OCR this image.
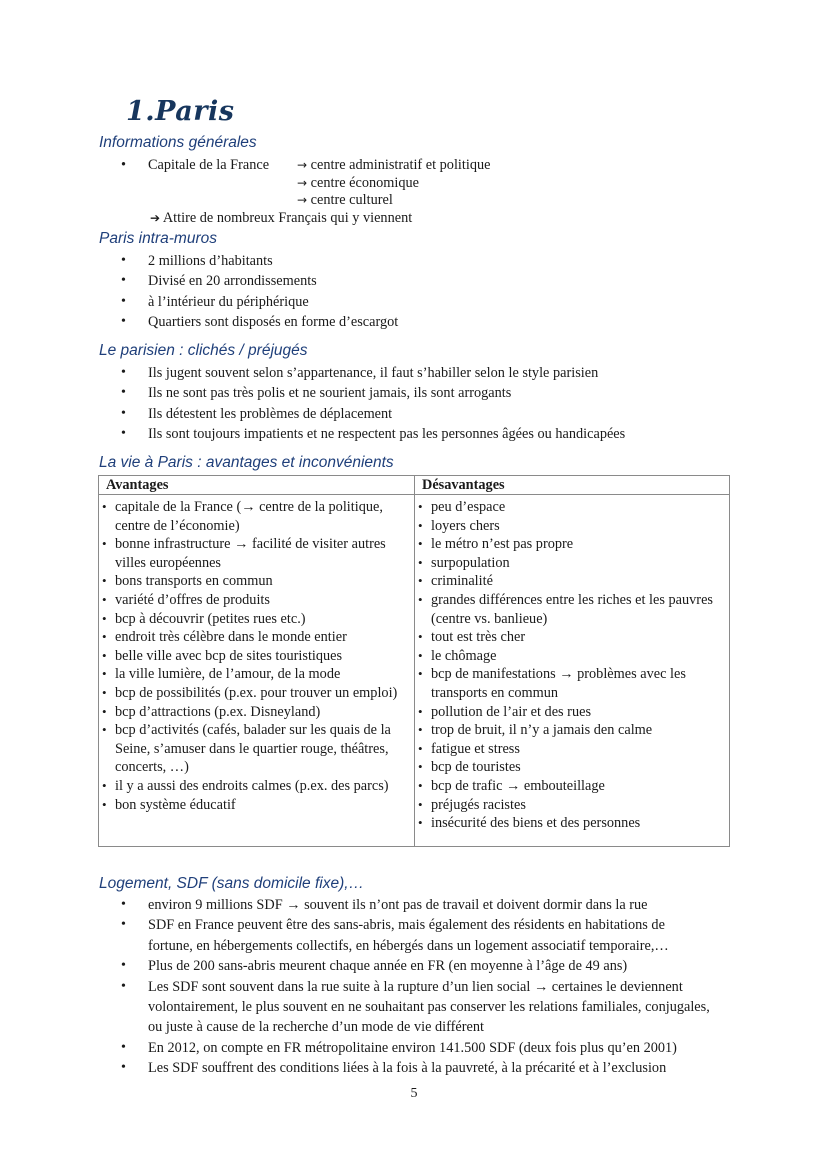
1.Paris
Informations générales
• Capitale de la France → centre administratif et politique
→ centre économique
→ centre culturel
➔ Attire de nombreux Français qui y viennent
Paris intra-muros
• 2 millions d’habitants
• Divisé en 20 arrondissements
• à l’intérieur du périphérique
• Quartiers sont disposés en forme d’escargot
Le parisien : clichés / préjugés
• Ils jugent souvent selon s’appartenance, il faut s’habiller selon le style parisien
• Ils ne sont pas très polis et ne sourient jamais, ils sont arrogants
• Ils détestent les problèmes de déplacement
• Ils sont toujours impatients et ne respectent pas les personnes âgées ou handicapées
La vie à Paris : avantages et inconvénients
Avantages	Désavantages
• capitale de la France (→ centre de la politique, centre de l’économie)
• bonne infrastructure → facilité de visiter autres villes européennes
• bons transports en commun
• variété d’offres de produits
• bcp à découvrir (petites rues etc.)
• endroit très célèbre dans le monde entier
• belle ville avec bcp de sites touristiques
• la ville lumière, de l’amour, de la mode
• bcp de possibilités (p.ex. pour trouver un emploi)
• bcp d’attractions (p.ex. Disneyland)
• bcp d’activités (cafés, balader sur les quais de la Seine, s’amuser dans le quartier rouge, théâtres, concerts, …)
• il y a aussi des endroits calmes (p.ex. des parcs)
• bon système éducatif
• peu d’espace
• loyers chers
• le métro n’est pas propre
• surpopulation
• criminalité
• grandes différences entre les riches et les pauvres (centre vs. banlieue)
• tout est très cher
• le chômage
• bcp de manifestations → problèmes avec les transports en commun
• pollution de l’air et des rues
• trop de bruit, il n’y a jamais den calme
• fatigue et stress
• bcp de touristes
• bcp de trafic → embouteillage
• préjugés racistes
• insécurité des biens et des personnes
Logement, SDF (sans domicile fixe),…
• environ 9 millions SDF → souvent ils n’ont pas de travail et doivent dormir dans la rue
• SDF en France peuvent être des sans-abris, mais également des résidents en habitations de fortune, en hébergements collectifs, en hébergés dans un logement associatif temporaire,…
• Plus de 200 sans-abris meurent chaque année en FR (en moyenne à l’âge de 49 ans)
• Les SDF sont souvent dans la rue suite à la rupture d’un lien social → certaines le deviennent volontairement, le plus souvent en ne souhaitant pas conserver les relations familiales, conjugales, ou juste à cause de la recherche d’un mode de vie différent
• En 2012, on compte en FR métropolitaine environ 141.500 SDF (deux fois plus qu’en 2001)
• Les SDF souffrent des conditions liées à la fois à la pauvreté, à la précarité et à l’exclusion
5
